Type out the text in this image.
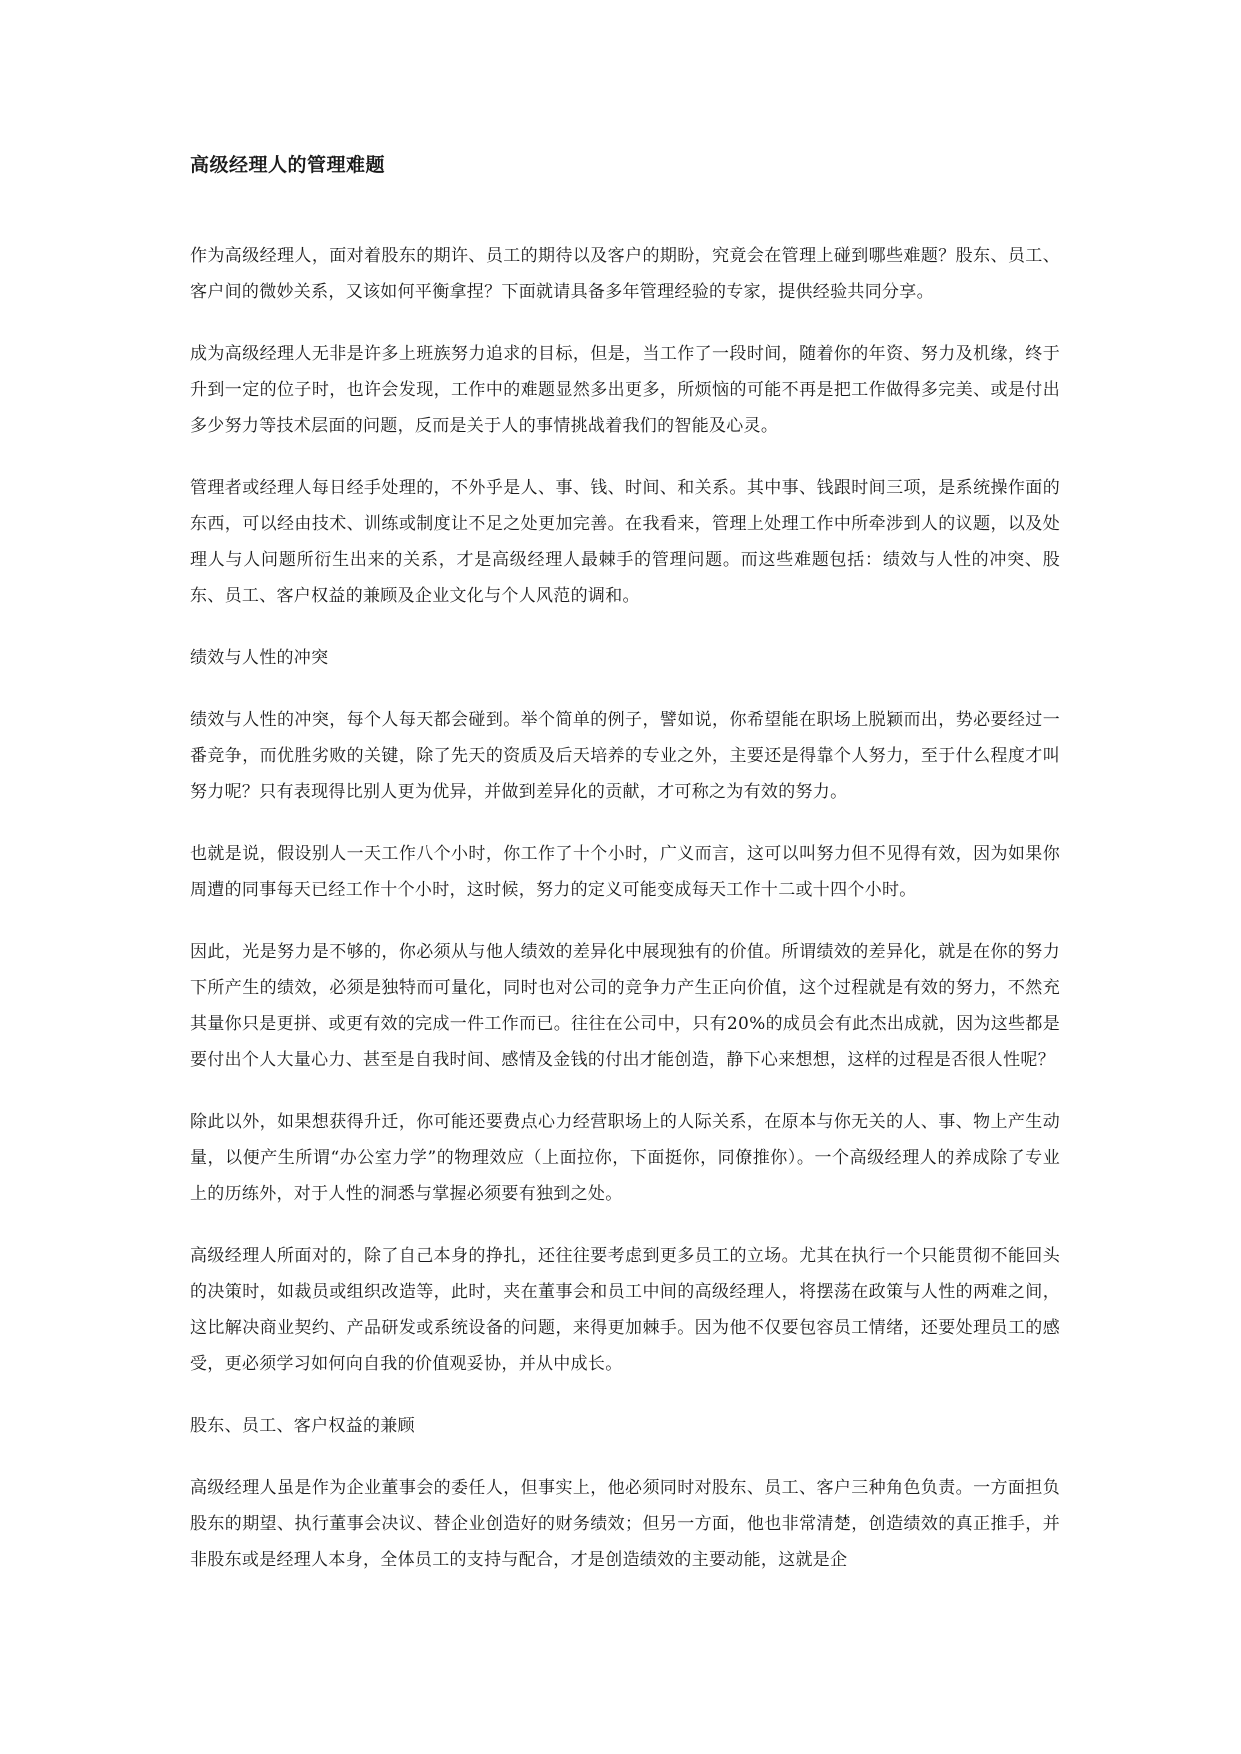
高级经理人的管理难题

作为高级经理人，面对着股东的期许、员工的期待以及客户的期盼，究竟会在管理上碰到哪些难题？股东、员工、客户间的微妙关系，又该如何平衡拿捏？下面就请具备多年管理经验的专家，提供经验共同分享。

成为高级经理人无非是许多上班族努力追求的目标，但是，当工作了一段时间，随着你的年资、努力及机缘，终于升到一定的位子时，也许会发现，工作中的难题显然多出更多，所烦恼的可能不再是把工作做得多完美、或是付出多少努力等技术层面的问题，反而是关于人的事情挑战着我们的智能及心灵。

管理者或经理人每日经手处理的，不外乎是人、事、钱、时间、和关系。其中事、钱跟时间三项，是系统操作面的东西，可以经由技术、训练或制度让不足之处更加完善。在我看来，管理上处理工作中所牵涉到人的议题，以及处理人与人问题所衍生出来的关系，才是高级经理人最棘手的管理问题。而这些难题包括：绩效与人性的冲突、股东、员工、客户权益的兼顾及企业文化与个人风范的调和。

绩效与人性的冲突

绩效与人性的冲突，每个人每天都会碰到。举个简单的例子，譬如说，你希望能在职场上脱颖而出，势必要经过一番竞争，而优胜劣败的关键，除了先天的资质及后天培养的专业之外，主要还是得靠个人努力，至于什么程度才叫努力呢？只有表现得比别人更为优异，并做到差异化的贡献，才可称之为有效的努力。

也就是说，假设别人一天工作八个小时，你工作了十个小时，广义而言，这可以叫努力但不见得有效，因为如果你周遭的同事每天已经工作十个小时，这时候，努力的定义可能变成每天工作十二或十四个小时。

因此，光是努力是不够的，你必须从与他人绩效的差异化中展现独有的价值。所谓绩效的差异化，就是在你的努力下所产生的绩效，必须是独特而可量化，同时也对公司的竞争力产生正向价值，这个过程就是有效的努力，不然充其量你只是更拼、或更有效的完成一件工作而已。往往在公司中，只有20%的成员会有此杰出成就，因为这些都是要付出个人大量心力、甚至是自我时间、感情及金钱的付出才能创造，静下心来想想，这样的过程是否很人性呢？

除此以外，如果想获得升迁，你可能还要费点心力经营职场上的人际关系，在原本与你无关的人、事、物上产生动量，以便产生所谓“办公室力学”的物理效应（上面拉你，下面挺你，同僚推你）。一个高级经理人的养成除了专业上的历练外，对于人性的洞悉与掌握必须要有独到之处。

高级经理人所面对的，除了自己本身的挣扎，还往往要考虑到更多员工的立场。尤其在执行一个只能贯彻不能回头的决策时，如裁员或组织改造等，此时，夹在董事会和员工中间的高级经理人，将摆荡在政策与人性的两难之间，这比解决商业契约、产品研发或系统设备的问题，来得更加棘手。因为他不仅要包容员工情绪，还要处理员工的感受，更必须学习如何向自我的价值观妥协，并从中成长。

股东、员工、客户权益的兼顾

高级经理人虽是作为企业董事会的委任人，但事实上，他必须同时对股东、员工、客户三种角色负责。一方面担负股东的期望、执行董事会决议、替企业创造好的财务绩效；但另一方面，他也非常清楚，创造绩效的真正推手，并非股东或是经理人本身，全体员工的支持与配合，才是创造绩效的主要动能，这就是企
